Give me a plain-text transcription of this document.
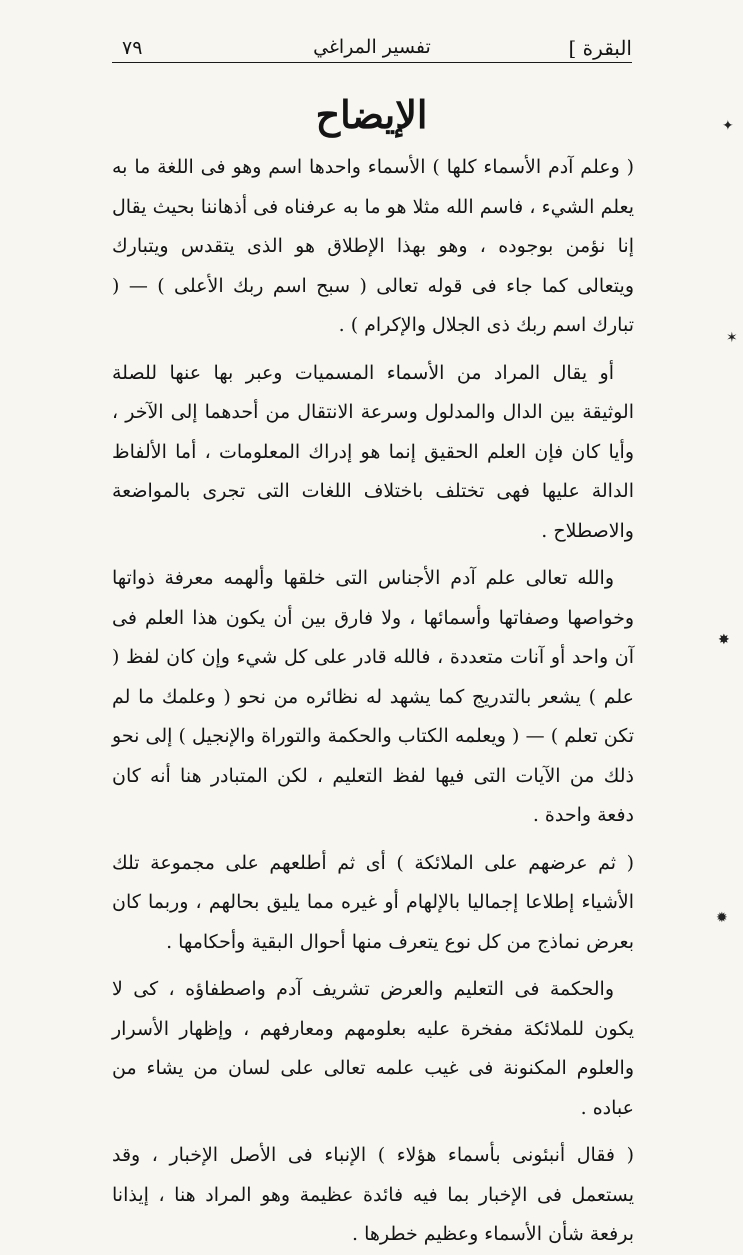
البقرة ]
تفسير المراغي
٧٩
الإيضاح

( وعلم آدم الأسماء كلها ) الأسماء واحدها اسم وهو فى اللغة ما به يعلم الشيء ، فاسم الله مثلا هو ما به عرفناه فى أذهاننا بحيث يقال إنا نؤمن بوجوده ، وهو بهذا الإطلاق هو الذى يتقدس ويتبارك ويتعالى كما جاء فى قوله تعالى ( سبح اسم ربك الأعلى ) — ( تبارك اسم ربك ذى الجلال والإكرام ) .

أو يقال المراد من الأسماء المسميات وعبر بها عنها للصلة الوثيقة بين الدال والمدلول وسرعة الانتقال من أحدهما إلى الآخر ، وأيا كان فإن العلم الحقيق إنما هو إدراك المعلومات ، أما الألفاظ الدالة عليها فهى تختلف باختلاف اللغات التى تجرى بالمواضعة والاصطلاح .

والله تعالى علم آدم الأجناس التى خلقها وألهمه معرفة ذواتها وخواصها وصفاتها وأسمائها ، ولا فارق بين أن يكون هذا العلم فى آن واحد أو آنات متعددة ، فالله قادر على كل شيء وإن كان لفظ ( علم ) يشعر بالتدريج كما يشهد له نظائره من نحو ( وعلمك ما لم تكن تعلم ) — ( ويعلمه الكتاب والحكمة والتوراة والإنجيل ) إلى نحو ذلك من الآيات التى فيها لفظ التعليم ، لكن المتبادر هنا أنه كان دفعة واحدة .

( ثم عرضهم على الملائكة ) أى ثم أطلعهم على مجموعة تلك الأشياء إطلاعا إجماليا بالإلهام أو غيره مما يليق بحالهم ، وربما كان بعرض نماذج من كل نوع يتعرف منها أحوال البقية وأحكامها .

والحكمة فى التعليم والعرض تشريف آدم واصطفاؤه ، كى لا يكون للملائكة مفخرة عليه بعلومهم ومعارفهم ، وإظهار الأسرار والعلوم المكنونة فى غيب علمه تعالى على لسان من يشاء من عباده .

( فقال أنبئونى بأسماء هؤلاء ) الإنباء فى الأصل الإخبار ، وقد يستعمل فى الإخبار بما فيه فائدة عظيمة وهو المراد هنا ، إيذانا برفعة شأن الأسماء وعظيم خطرها .

✦
✶
✸
✹
